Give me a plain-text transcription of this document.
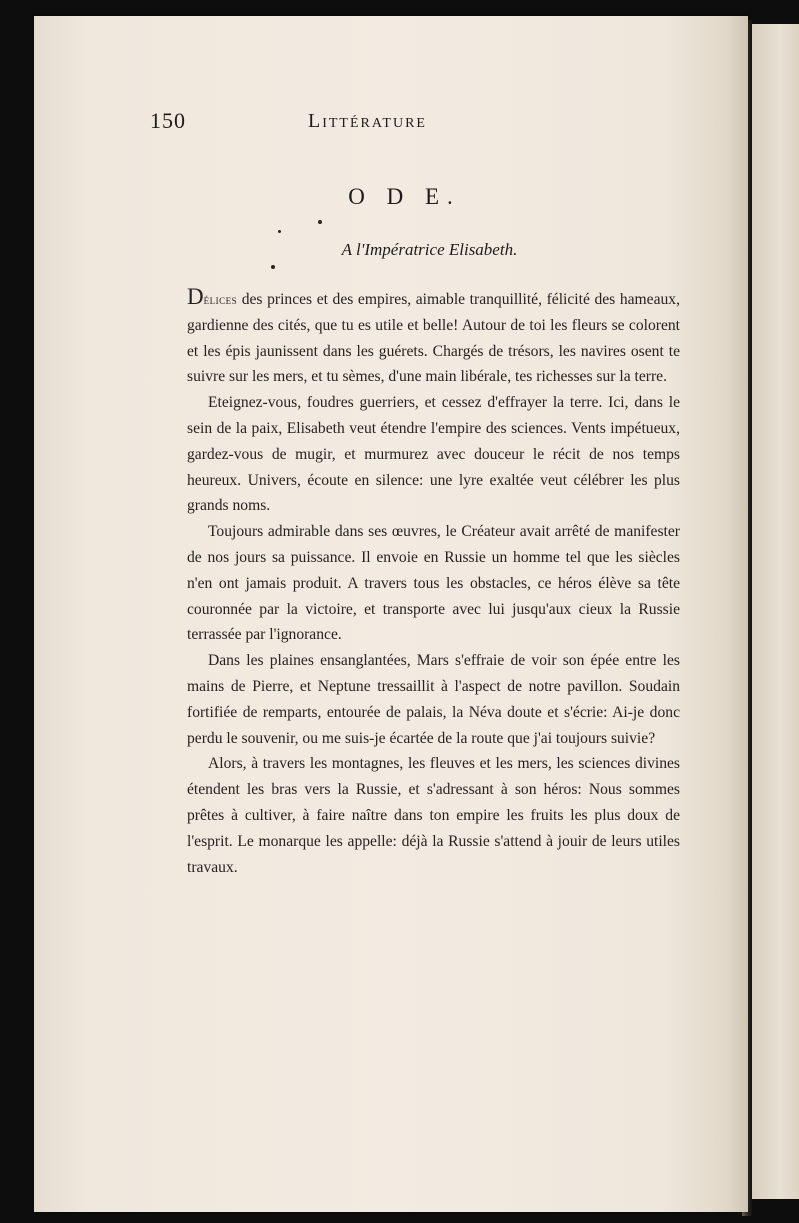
150	Littérature
O D E.
A l'Impératrice Elisabeth.

Délices des princes et des empires, aimable tranquillité, félicité des hameaux, gardienne des cités, que tu es utile et belle! Autour de toi les fleurs se colorent et les épis jaunissent dans les guérets. Chargés de trésors, les navires osent te suivre sur les mers, et tu sèmes, d'une main libérale, tes richesses sur la terre.

Eteignez-vous, foudres guerriers, et cessez d'effrayer la terre. Ici, dans le sein de la paix, Elisabeth veut étendre l'empire des sciences. Vents impétueux, gardez-vous de mugir, et murmurez avec douceur le récit de nos temps heureux. Univers, écoute en silence: une lyre exaltée veut célébrer les plus grands noms.

Toujours admirable dans ses œuvres, le Créateur avait arrêté de manifester de nos jours sa puissance. Il envoie en Russie un homme tel que les siècles n'en ont jamais produit. A travers tous les obstacles, ce héros élève sa tête couronnée par la victoire, et transporte avec lui jusqu'aux cieux la Russie terrassée par l'ignorance.

Dans les plaines ensanglantées, Mars s'effraie de voir son épée entre les mains de Pierre, et Neptune tressaillit à l'aspect de notre pavillon. Soudain fortifiée de remparts, entourée de palais, la Néva doute et s'écrie: Ai-je donc perdu le souvenir, ou me suis-je écartée de la route que j'ai toujours suivie?

Alors, à travers les montagnes, les fleuves et les mers, les sciences divines étendent les bras vers la Russie, et s'adressant à son héros: Nous sommes prêtes à cultiver, à faire naître dans ton empire les fruits les plus doux de l'esprit. Le monarque les appelle: déjà la Russie s'attend à jouir de leurs utiles travaux.
